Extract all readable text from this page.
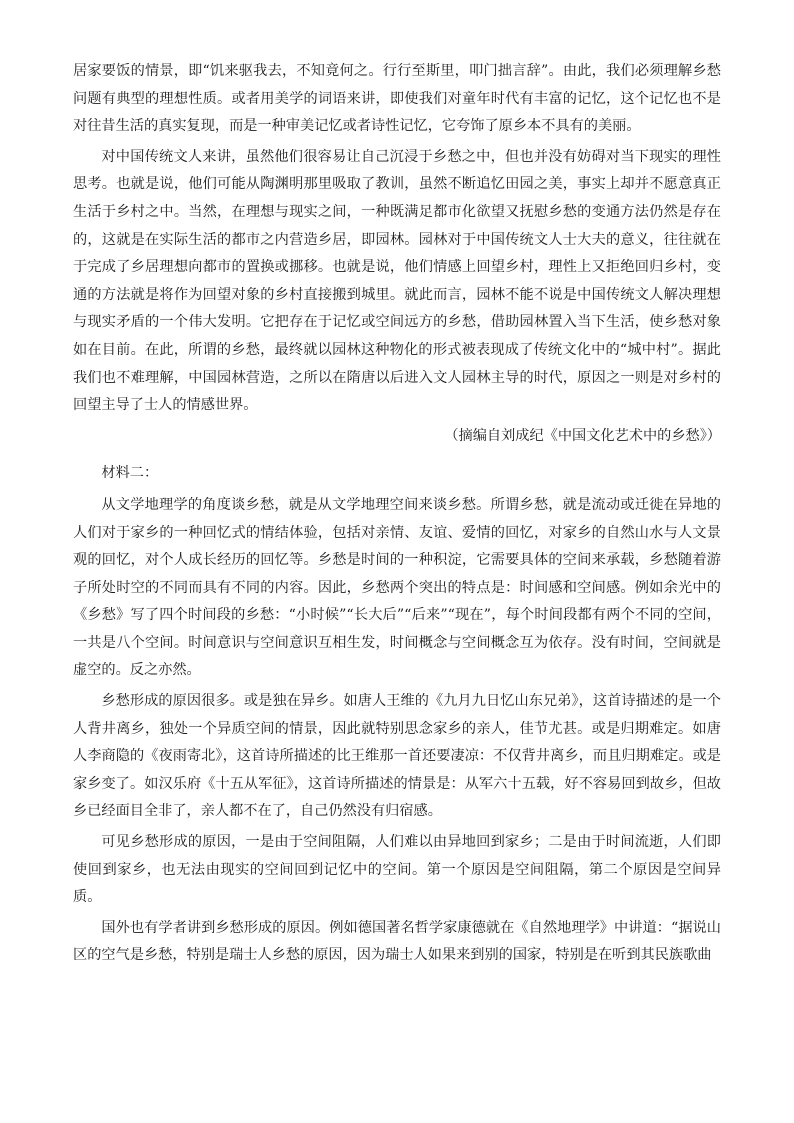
居家要饭的情景，即“饥来驱我去，不知竟何之。行行至斯里，叩门拙言辞”。由此，我们必须理解乡愁问题有典型的理想性质。或者用美学的词语来讲，即使我们对童年时代有丰富的记忆，这个记忆也不是对往昔生活的真实复现，而是一种审美记忆或者诗性记忆，它夸饰了原乡本不具有的美丽。

对中国传统文人来讲，虽然他们很容易让自己沉浸于乡愁之中，但也并没有妨碍对当下现实的理性思考。也就是说，他们可能从陶渊明那里吸取了教训，虽然不断追忆田园之美，事实上却并不愿意真正生活于乡村之中。当然，在理想与现实之间，一种既满足都市化欲望又抚慰乡愁的变通方法仍然是存在的，这就是在实际生活的都市之内营造乡居，即园林。园林对于中国传统文人士大夫的意义，往往就在于完成了乡居理想向都市的置换或挪移。也就是说，他们情感上回望乡村，理性上又拒绝回归乡村，变通的方法就是将作为回望对象的乡村直接搬到城里。就此而言，园林不能不说是中国传统文人解决理想与现实矛盾的一个伟大发明。它把存在于记忆或空间远方的乡愁，借助园林置入当下生活，使乡愁对象如在目前。在此，所谓的乡愁，最终就以园林这种物化的形式被表现成了传统文化中的“城中村”。据此我们也不难理解，中国园林营造，之所以在隋唐以后进入文人园林主导的时代，原因之一则是对乡村的回望主导了士人的情感世界。

（摘编自刘成纪《中国文化艺术中的乡愁》）

材料二：

从文学地理学的角度谈乡愁，就是从文学地理空间来谈乡愁。所谓乡愁，就是流动或迁徙在异地的人们对于家乡的一种回忆式的情结体验，包括对亲情、友谊、爱情的回忆，对家乡的自然山水与人文景观的回忆，对个人成长经历的回忆等。乡愁是时间的一种积淀，它需要具体的空间来承载，乡愁随着游子所处时空的不同而具有不同的内容。因此，乡愁两个突出的特点是：时间感和空间感。例如余光中的《乡愁》写了四个时间段的乡愁：“小时候”“长大后”“后来”“现在”，每个时间段都有两个不同的空间，一共是八个空间。时间意识与空间意识互相生发，时间概念与空间概念互为依存。没有时间，空间就是虚空的。反之亦然。

乡愁形成的原因很多。或是独在异乡。如唐人王维的《九月九日忆山东兄弟》，这首诗描述的是一个人背井离乡，独处一个异质空间的情景，因此就特别思念家乡的亲人，佳节尤甚。或是归期难定。如唐人李商隐的《夜雨寄北》，这首诗所描述的比王维那一首还要凄凉：不仅背井离乡，而且归期难定。或是家乡变了。如汉乐府《十五从军征》，这首诗所描述的情景是：从军六十五载，好不容易回到故乡，但故乡已经面目全非了，亲人都不在了，自己仍然没有归宿感。

可见乡愁形成的原因，一是由于空间阻隔，人们难以由异地回到家乡；二是由于时间流逝，人们即使回到家乡，也无法由现实的空间回到记忆中的空间。第一个原因是空间阻隔，第二个原因是空间异质。

国外也有学者讲到乡愁形成的原因。例如德国著名哲学家康德就在《自然地理学》中讲道：“据说山区的空气是乡愁，特别是瑞士人乡愁的原因，因为瑞士人如果来到别的国家，特别是在听到其民族歌曲
